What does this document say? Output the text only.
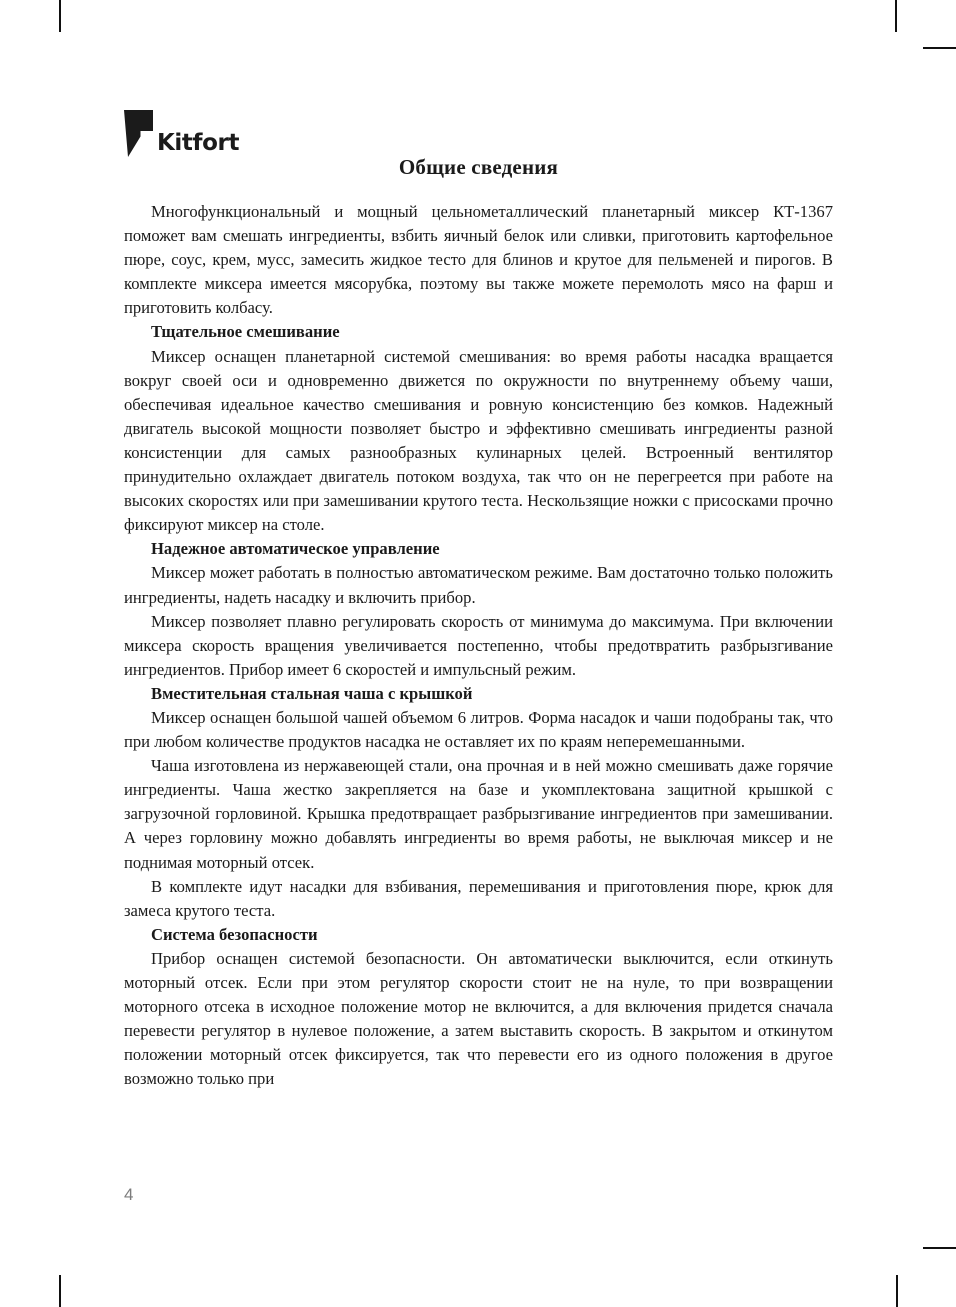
Kitfort
Общие сведения

Многофункциональный и мощный цельнометаллический планетарный миксер КТ-1367 поможет вам смешать ингредиенты, взбить яичный белок или сливки, приготовить картофельное пюре, соус, крем, мусс, замесить жидкое тесто для блинов и крутое для пельменей и пирогов. В комплекте миксера имеется мясорубка, поэтому вы также можете перемолоть мясо на фарш и приготовить колбасу.

Тщательное смешивание

Миксер оснащен планетарной системой смешивания: во время работы насадка вращается вокруг своей оси и одновременно движется по окружности по внутреннему объему чаши, обеспечивая идеальное качество смешивания и ровную консистенцию без комков. Надежный двигатель высокой мощности позволяет быстро и эффективно смешивать ингредиенты разной консистенции для самых разнообразных кулинарных целей. Встроенный вентилятор принудительно охлаждает двигатель потоком воздуха, так что он не перегреется при работе на высоких скоростях или при замешивании крутого теста. Нескользящие ножки с присосками прочно фиксируют миксер на столе.

Надежное автоматическое управление

Миксер может работать в полностью автоматическом режиме. Вам достаточно только положить ингредиенты, надеть насадку и включить прибор.

Миксер позволяет плавно регулировать скорость от минимума до максимума. При включении миксера скорость вращения увеличивается постепенно, чтобы предотвратить разбрызгивание ингредиентов. Прибор имеет 6 скоростей и импульсный режим.

Вместительная стальная чаша с крышкой

Миксер оснащен большой чашей объемом 6 литров. Форма насадок и чаши подобраны так, что при любом количестве продуктов насадка не оставляет их по краям неперемешанными.

Чаша изготовлена из нержавеющей стали, она прочная и в ней можно смешивать даже горячие ингредиенты. Чаша жестко закрепляется на базе и укомплектована защитной крышкой с загрузочной горловиной. Крышка предотвращает разбрызгивание ингредиентов при замешивании. А через горловину можно добавлять ингредиенты во время работы, не выключая миксер и не поднимая моторный отсек.

В комплекте идут насадки для взбивания, перемешивания и приготовления пюре, крюк для замеса крутого теста.

Система безопасности

Прибор оснащен системой безопасности. Он автоматически выключится, если откинуть моторный отсек. Если при этом регулятор скорости стоит не на нуле, то при возвращении моторного отсека в исходное положение мотор не включится, а для включения придется сначала перевести регулятор в нулевое положение, а затем выставить скорость. В закрытом и откинутом положении моторный отсек фиксируется, так что перевести его из одного положения в другое возможно только при

4
